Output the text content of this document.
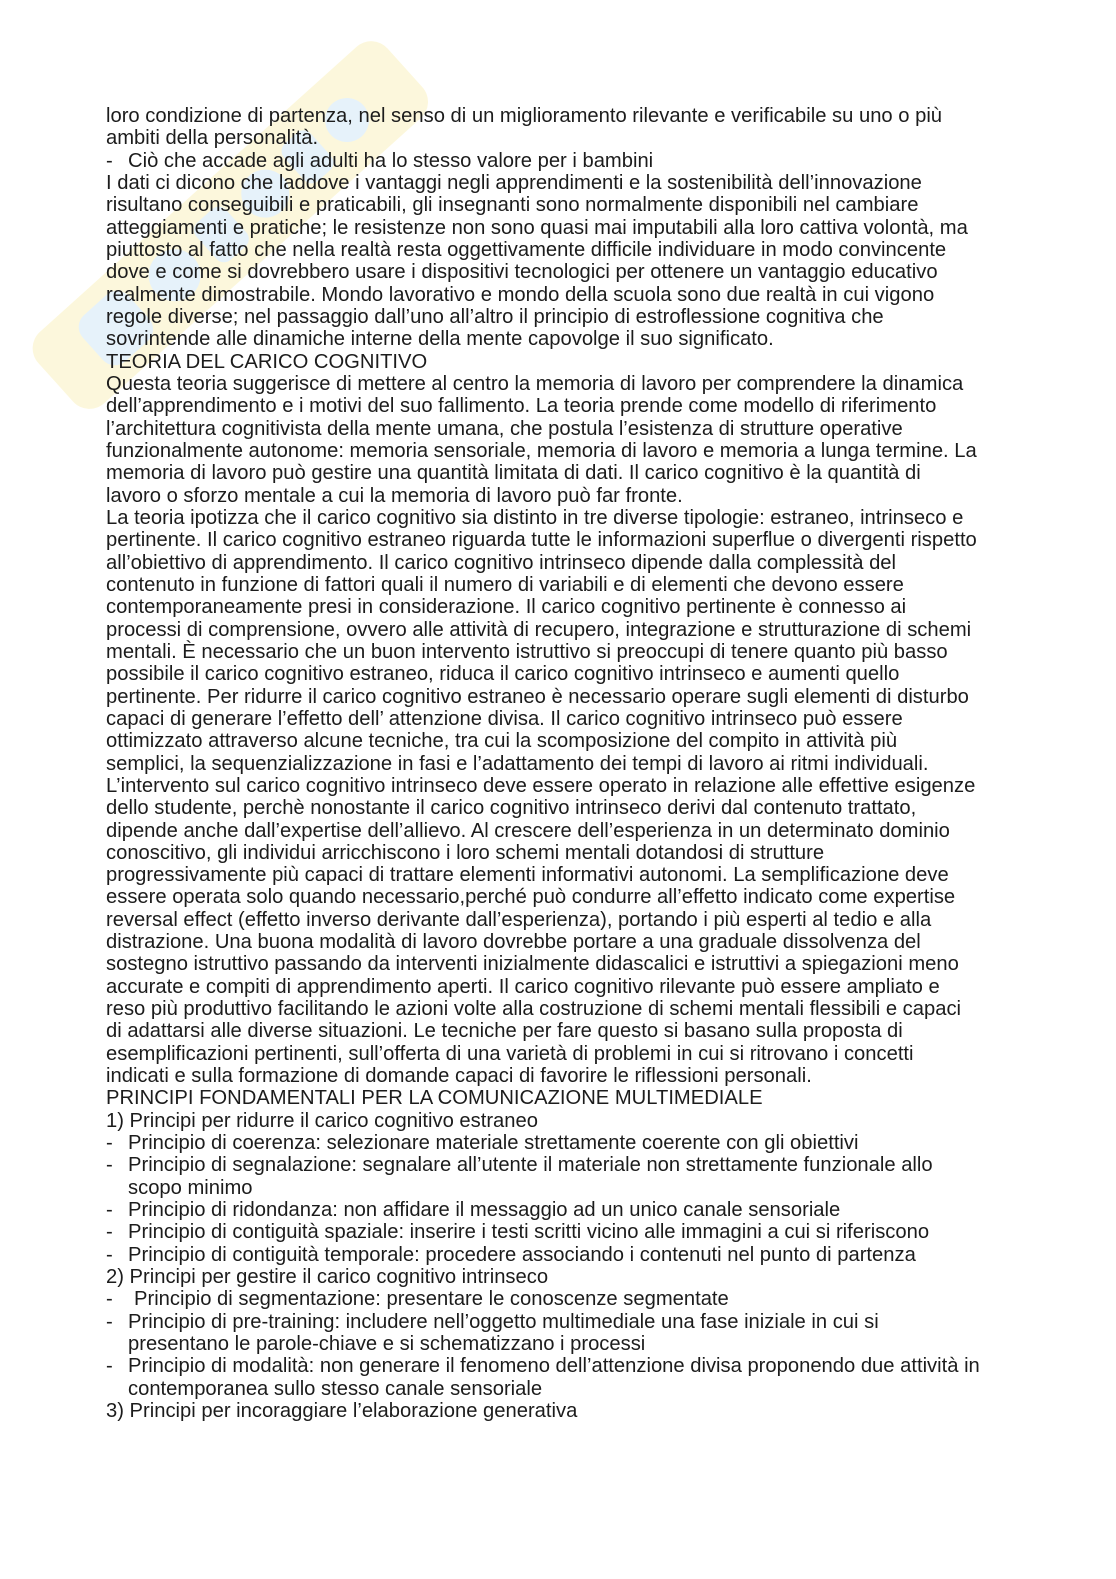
loro condizione di partenza, nel senso di un miglioramento rilevante e verificabile su uno o più
ambiti della personalità.
- Ciò che accade agli adulti ha lo stesso valore per i bambini
I dati ci dicono che laddove i vantaggi negli apprendimenti e la sostenibilità dell’innovazione
risultano conseguibili e praticabili, gli insegnanti sono normalmente disponibili nel cambiare
atteggiamenti e pratiche; le resistenze non sono quasi mai imputabili alla loro cattiva volontà, ma
piuttosto al fatto che nella realtà resta oggettivamente difficile individuare in modo convincente
dove e come si dovrebbero usare i dispositivi tecnologici per ottenere un vantaggio educativo
realmente dimostrabile. Mondo lavorativo e mondo della scuola sono due realtà in cui vigono
regole diverse; nel passaggio dall’uno all’altro il principio di estroflessione cognitiva che
sovrintende alle dinamiche interne della mente capovolge il suo significato.
TEORIA DEL CARICO COGNITIVO
Questa teoria suggerisce di mettere al centro la memoria di lavoro per comprendere la dinamica
dell’apprendimento e i motivi del suo fallimento. La teoria prende come modello di riferimento
l’architettura cognitivista della mente umana, che postula l’esistenza di strutture operative
funzionalmente autonome: memoria sensoriale, memoria di lavoro e memoria a lunga termine. La
memoria di lavoro può gestire una quantità limitata di dati. Il carico cognitivo è la quantità di
lavoro o sforzo mentale a cui la memoria di lavoro può far fronte.
La teoria ipotizza che il carico cognitivo sia distinto in tre diverse tipologie: estraneo, intrinseco e
pertinente. Il carico cognitivo estraneo riguarda tutte le informazioni superflue o divergenti rispetto
all’obiettivo di apprendimento. Il carico cognitivo intrinseco dipende dalla complessità del
contenuto in funzione di fattori quali il numero di variabili e di elementi che devono essere
contemporaneamente presi in considerazione. Il carico cognitivo pertinente è connesso ai
processi di comprensione, ovvero alle attività di recupero, integrazione e strutturazione di schemi
mentali. È necessario che un buon intervento istruttivo si preoccupi di tenere quanto più basso
possibile il carico cognitivo estraneo, riduca il carico cognitivo intrinseco e aumenti quello
pertinente. Per ridurre il carico cognitivo estraneo è necessario operare sugli elementi di disturbo
capaci di generare l’effetto dell’ attenzione divisa. Il carico cognitivo intrinseco può essere
ottimizzato attraverso alcune tecniche, tra cui la scomposizione del compito in attività più
semplici, la sequenzializzazione in fasi e l’adattamento dei tempi di lavoro ai ritmi individuali.
L’intervento sul carico cognitivo intrinseco deve essere operato in relazione alle effettive esigenze
dello studente, perchè nonostante il carico cognitivo intrinseco derivi dal contenuto trattato,
dipende anche dall’expertise dell’allievo. Al crescere dell’esperienza in un determinato dominio
conoscitivo, gli individui arricchiscono i loro schemi mentali dotandosi di strutture
progressivamente più capaci di trattare elementi informativi autonomi. La semplificazione deve
essere operata solo quando necessario,perché può condurre all’effetto indicato come expertise
reversal effect (effetto inverso derivante dall’esperienza), portando i più esperti al tedio e alla
distrazione. Una buona modalità di lavoro dovrebbe portare a una graduale dissolvenza del
sostegno istruttivo passando da interventi inizialmente didascalici e istruttivi a spiegazioni meno
accurate e compiti di apprendimento aperti. Il carico cognitivo rilevante può essere ampliato e
reso più produttivo facilitando le azioni volte alla costruzione di schemi mentali flessibili e capaci
di adattarsi alle diverse situazioni. Le tecniche per fare questo si basano sulla proposta di
esemplificazioni pertinenti, sull’offerta di una varietà di problemi in cui si ritrovano i concetti
indicati e sulla formazione di domande capaci di favorire le riflessioni personali.
PRINCIPI FONDAMENTALI PER LA COMUNICAZIONE MULTIMEDIALE
1) Principi per ridurre il carico cognitivo estraneo
- Principio di coerenza: selezionare materiale strettamente coerente con gli obiettivi
- Principio di segnalazione: segnalare all’utente il materiale non strettamente funzionale allo
scopo minimo
- Principio di ridondanza: non affidare il messaggio ad un unico canale sensoriale
- Principio di contiguità spaziale: inserire i testi scritti vicino alle immagini a cui si riferiscono
- Principio di contiguità temporale: procedere associando i contenuti nel punto di partenza
2) Principi per gestire il carico cognitivo intrinseco
-	Principio di segmentazione: presentare le conoscenze segmentate
- Principio di pre-training: includere nell’oggetto multimediale una fase iniziale in cui si
presentano le parole-chiave e si schematizzano i processi
- Principio di modalità: non generare il fenomeno dell’attenzione divisa proponendo due attività in
contemporanea sullo stesso canale sensoriale
3) Principi per incoraggiare l’elaborazione generativa
